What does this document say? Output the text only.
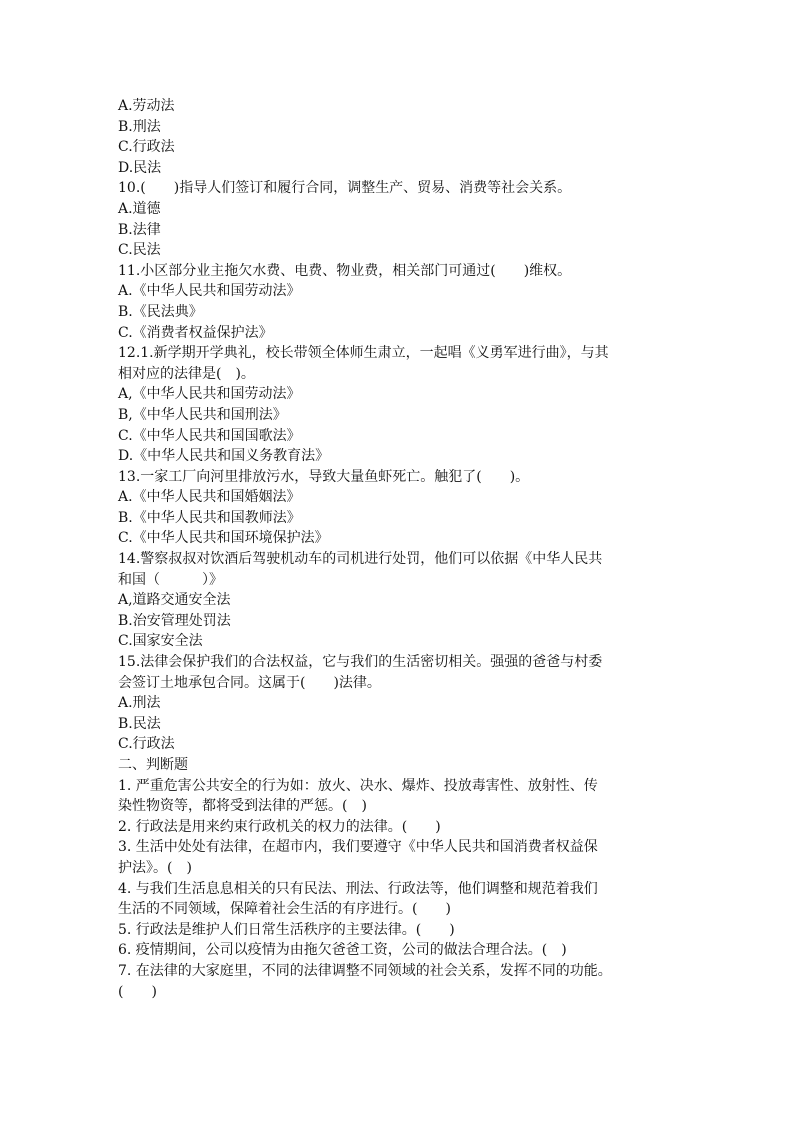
A.劳动法
B.刑法
C.行政法
D.民法
10.(　　)指导人们签订和履行合同，调整生产、贸易、消费等社会关系。
A.道德
B.法律
C.民法
11.小区部分业主拖欠水费、电费、物业费，相关部门可通过(　　)维权。
A.《中华人民共和国劳动法》
B.《民法典》
C.《消费者权益保护法》
12.1.新学期开学典礼，校长带领全体师生肃立，一起唱《义勇军进行曲》，与其
相对应的法律是(　)。
A,《中华人民共和国劳动法》
B,《中华人民共和国刑法》
C.《中华人民共和国国歌法》
D.《中华人民共和国义务教育法》
13.一家工厂向河里排放污水，导致大量鱼虾死亡。触犯了(　　)。
A.《中华人民共和国婚姻法》
B.《中华人民共和国教师法》
C.《中华人民共和国环境保护法》
14.警察叔叔对饮酒后驾驶机动车的司机进行处罚，他们可以依据《中华人民共
和国（　　　）》
A,道路交通安全法
B.治安管理处罚法
C.国家安全法
15.法律会保护我们的合法权益，它与我们的生活密切相关。强强的爸爸与村委
会签订土地承包合同。这属于(　　)法律。
A.刑法
B.民法
C.行政法
二、判断题
1. 严重危害公共安全的行为如：放火、决水、爆炸、投放毒害性、放射性、传
染性物资等，都将受到法律的严惩。(　)
2. 行政法是用来约束行政机关的权力的法律。(　　)
3. 生活中处处有法律，在超市内，我们要遵守《中华人民共和国消费者权益保
护法》。(　)
4. 与我们生活息息相关的只有民法、刑法、行政法等，他们调整和规范着我们
生活的不同领域，保障着社会生活的有序进行。(　　)
5. 行政法是维护人们日常生活秩序的主要法律。(　　)
6. 疫情期间，公司以疫情为由拖欠爸爸工资，公司的做法合理合法。(　)
7. 在法律的大家庭里，不同的法律调整不同领域的社会关系，发挥不同的功能。
(　　)
